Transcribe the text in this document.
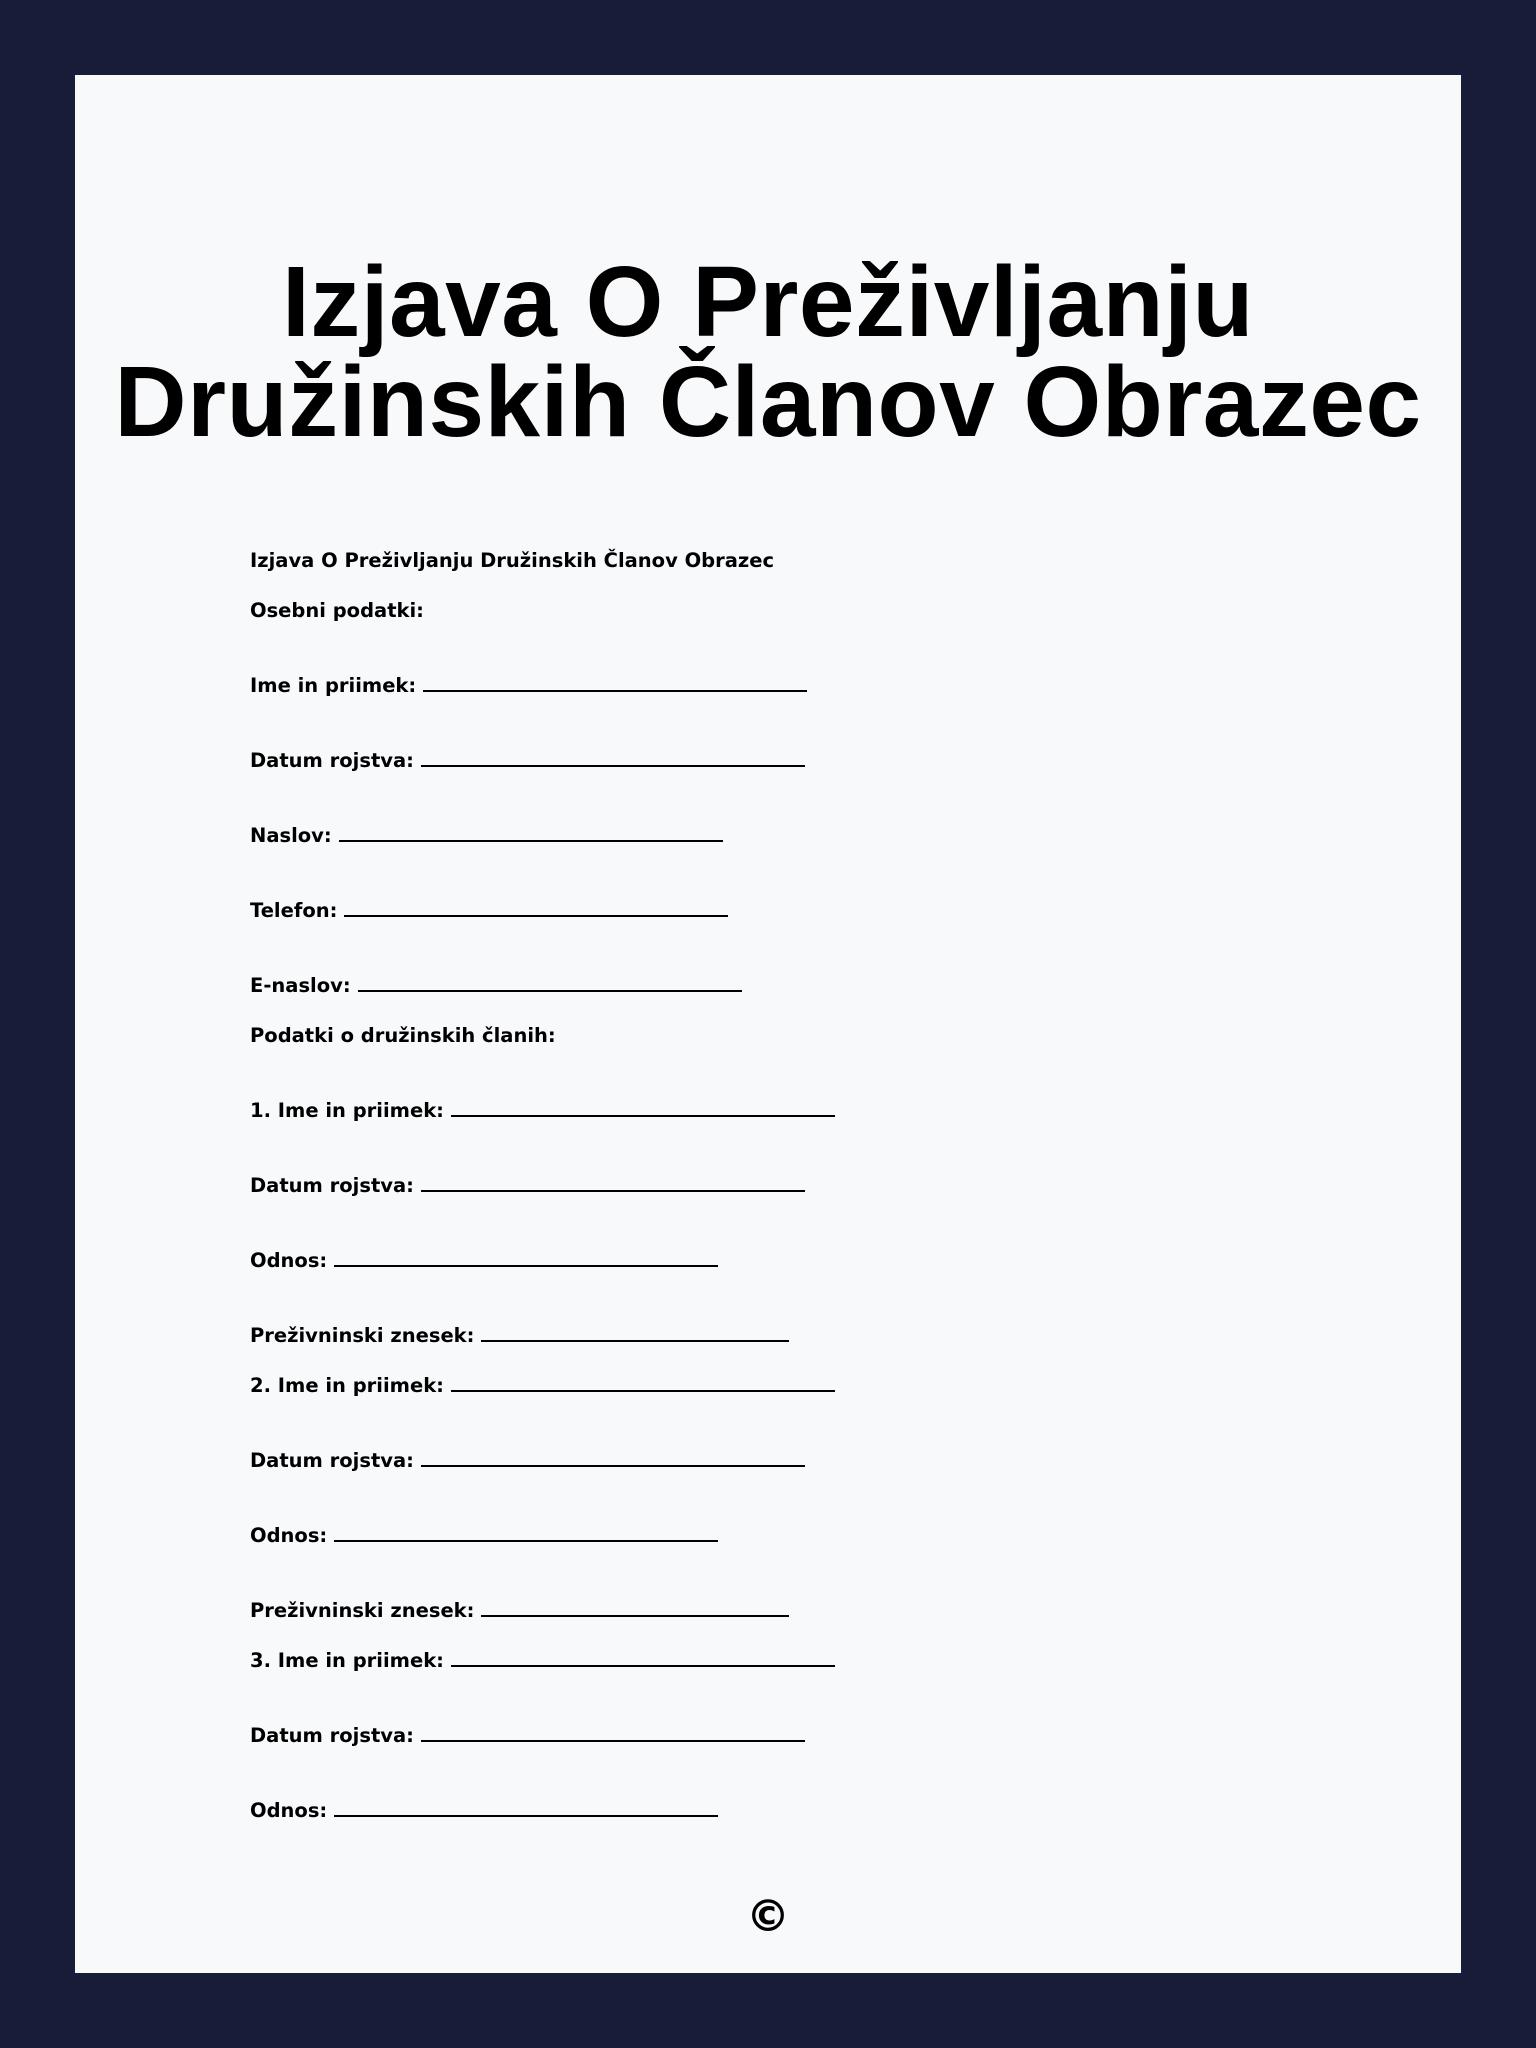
Izjava O Preživljanju
Družinskih Članov Obrazec
Izjava O Preživljanju Družinskih Članov Obrazec
Osebni podatki:
Ime in priimek:
Datum rojstva:
Naslov:
Telefon:
E-naslov:
Podatki o družinskih članih:
1. Ime in priimek:
Datum rojstva:
Odnos:
Preživninski znesek:
2. Ime in priimek:
Datum rojstva:
Odnos:
Preživninski znesek:
3. Ime in priimek:
Datum rojstva:
Odnos:
©
